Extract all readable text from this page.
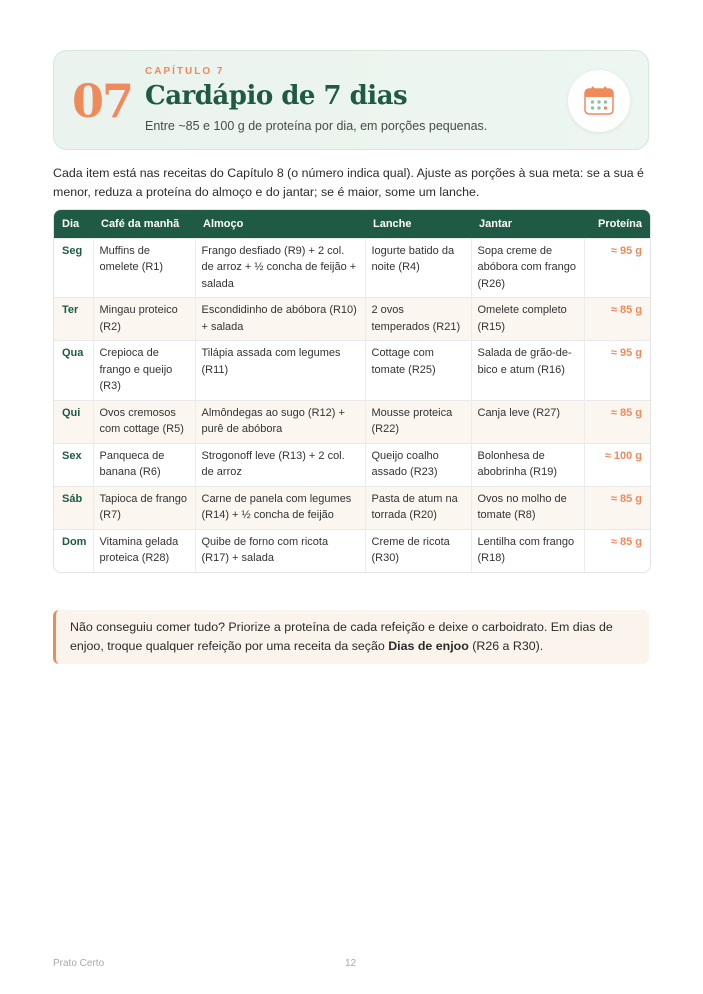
07
CAPÍTULO 7
Cardápio de 7 dias
Entre ~85 e 100 g de proteína por dia, em porções pequenas.
Cada item está nas receitas do Capítulo 8 (o número indica qual). Ajuste as porções à sua meta: se a sua é menor, reduza a proteína do almoço e do jantar; se é maior, some um lanche.
Dia	Café da manhã	Almoço	Lanche	Jantar	Proteína
Seg	Muffins de omelete (R1)	Frango desfiado (R9) + 2 col. de arroz + ½ concha de feijão + salada	Iogurte batido da noite (R4)	Sopa creme de abóbora com frango (R26)	≈ 95 g
Ter	Mingau proteico (R2)	Escondidinho de abóbora (R10) + salada	2 ovos temperados (R21)	Omelete completo (R15)	≈ 85 g
Qua	Crepioca de frango e queijo (R3)	Tilápia assada com legumes (R11)	Cottage com tomate (R25)	Salada de grão-de-bico e atum (R16)	≈ 95 g
Qui	Ovos cremosos com cottage (R5)	Almôndegas ao sugo (R12) + purê de abóbora	Mousse proteica (R22)	Canja leve (R27)	≈ 85 g
Sex	Panqueca de banana (R6)	Strogonoff leve (R13) + 2 col. de arroz	Queijo coalho assado (R23)	Bolonhesa de abobrinha (R19)	≈ 100 g
Sáb	Tapioca de frango (R7)	Carne de panela com legumes (R14) + ½ concha de feijão	Pasta de atum na torrada (R20)	Ovos no molho de tomate (R8)	≈ 85 g
Dom	Vitamina gelada proteica (R28)	Quibe de forno com ricota (R17) + salada	Creme de ricota (R30)	Lentilha com frango (R18)	≈ 85 g
Não conseguiu comer tudo? Priorize a proteína de cada refeição e deixe o carboidrato. Em dias de enjoo, troque qualquer refeição por uma receita da seção Dias de enjoo (R26 a R30).
Prato Certo	12
